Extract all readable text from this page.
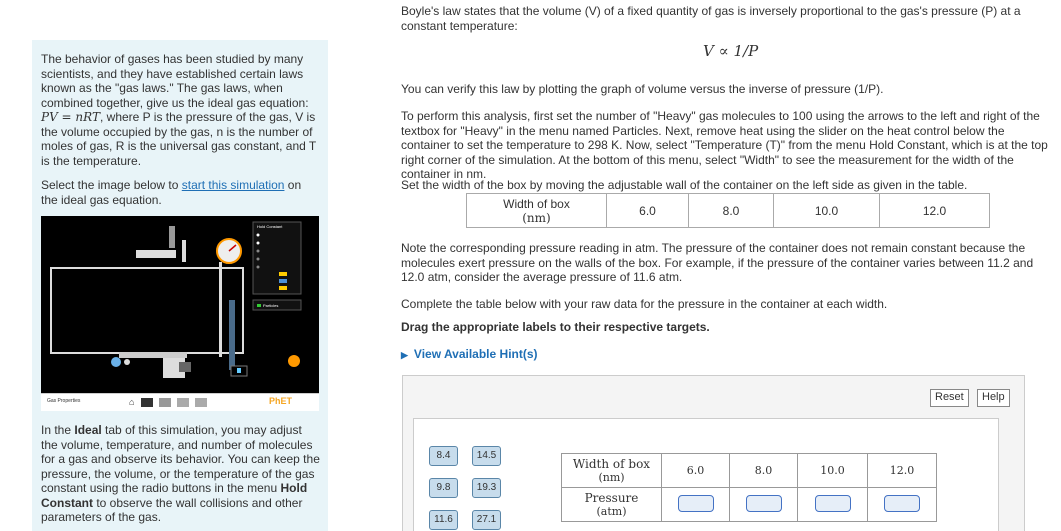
The behavior of gases has been studied by many scientists, and they have established certain laws known as the "gas laws." The gas laws, when combined together, give us the ideal gas equation: PV = nRT, where P is the pressure of the gas, V is the volume occupied by the gas, n is the number of moles of gas, R is the universal gas constant, and T is the temperature.

Select the image below to start this simulation on the ideal gas equation.

Hold Constant
Particles
Gas Properties	⌂	PhET

In the Ideal tab of this simulation, you may adjust the volume, temperature, and number of molecules for a gas and observe its behavior. You can keep the pressure, the volume, or the temperature of the gas constant using the radio buttons in the menu Hold Constant to observe the wall collisions and other parameters of the gas.

Boyle's law states that the volume (V) of a fixed quantity of gas is inversely proportional to the gas's pressure (P) at a constant temperature:

V ∝ 1/P

You can verify this law by plotting the graph of volume versus the inverse of pressure (1/P).

To perform this analysis, first set the number of "Heavy" gas molecules to 100 using the arrows to the left and right of the textbox for "Heavy" in the menu named Particles. Next, remove heat using the slider on the heat control below the container to set the temperature to 298 K. Now, select "Temperature (T)" from the menu Hold Constant, which is at the top right corner of the simulation. At the bottom of this menu, select "Width" to see the measurement for the width of the container in nm.

Set the width of the box by moving the adjustable wall of the container on the left side as given in the table.

Width of box
(nm)	6.0	8.0	10.0	12.0

Note the corresponding pressure reading in atm. The pressure of the container does not remain constant because the molecules exert pressure on the walls of the box. For example, if the pressure of the container varies between 11.2 and 12.0 atm, consider the average pressure of 11.6 atm.

Complete the table below with your raw data for the pressure in the container at each width.

Drag the appropriate labels to their respective targets.

▶ View Available Hint(s)
Reset	Help
8.4	14.5
9.8	19.3
11.6	27.1
Width of box
(nm)	6.0	8.0	10.0	12.0

Pressure
(atm)				
